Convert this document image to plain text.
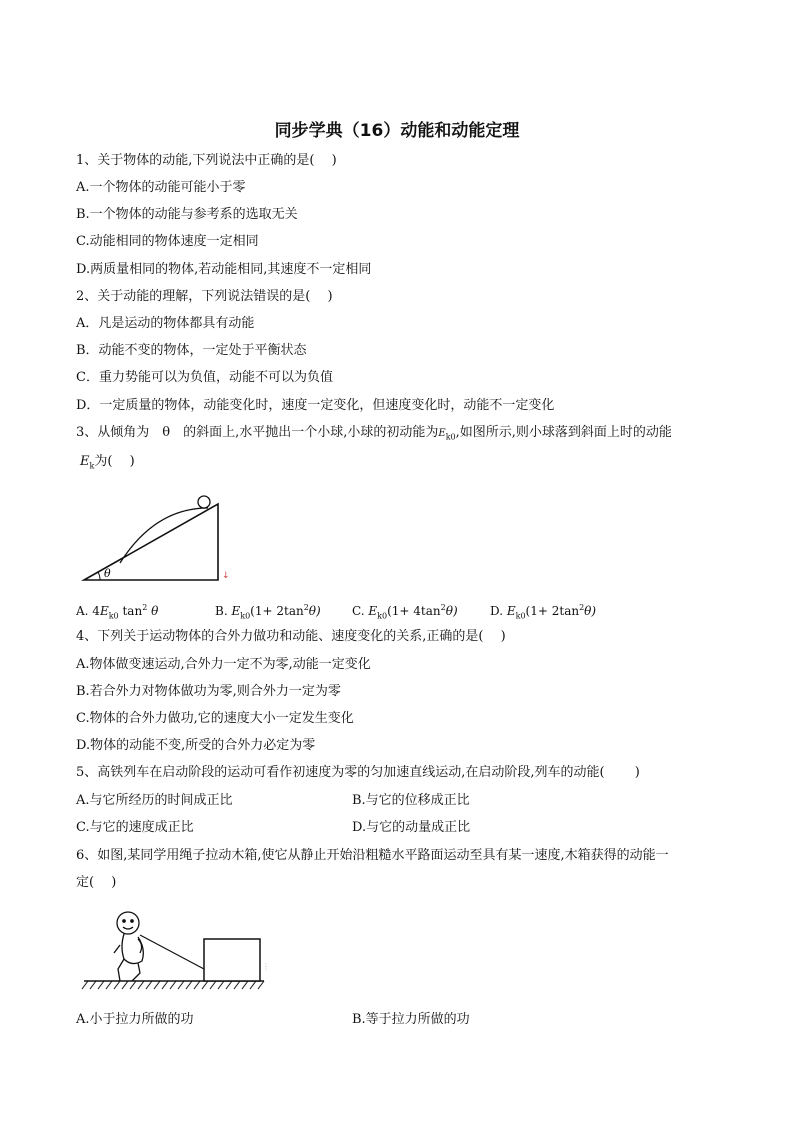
同步学典（16）动能和动能定理
1、关于物体的动能,下列说法中正确的是(　 )
A.一个物体的动能可能小于零
B.一个物体的动能与参考系的选取无关
C.动能相同的物体速度一定相同
D.两质量相同的物体,若动能相同,其速度不一定相同
2、关于动能的理解，下列说法错误的是(　 )
A．凡是运动的物体都具有动能
B．动能不变的物体，一定处于平衡状态
C．重力势能可以为负值，动能不可以为负值
D．一定质量的物体，动能变化时，速度一定变化，但速度变化时，动能不一定变化
3、从倾角为　θ　的斜面上,水平抛出一个小球,小球的初动能为$E_{k0}$,如图所示,则小球落到斜面上时的动能
$E_k$为(　 )
θ	↓
A. $4E_{k0}$ $\tan^2 \theta$	B. $E_{k0}(1+ 2\tan^2\theta)$	C. $E_{k0}(1+ 4\tan^2\theta)$	D. $E_{k0}(1+ 2\tan^2\theta)$
4、下列关于运动物体的合外力做功和动能、速度变化的关系,正确的是(　 )
A.物体做变速运动,合外力一定不为零,动能一定变化
B.若合外力对物体做功为零,则合外力一定为零
C.物体的合外力做功,它的速度大小一定发生变化
D.物体的动能不变,所受的合外力必定为零
5、高铁列车在启动阶段的运动可看作初速度为零的匀加速直线运动,在启动阶段,列车的动能(　　 )
A.与它所经历的时间成正比	B.与它的位移成正比
C.与它的速度成正比	D.与它的动量成正比
6、如图,某同学用绳子拉动木箱,使它从静止开始沿粗糙水平路面运动至具有某一速度,木箱获得的动能一
定(　 )
⋮
A.小于拉力所做的功	B.等于拉力所做的功
